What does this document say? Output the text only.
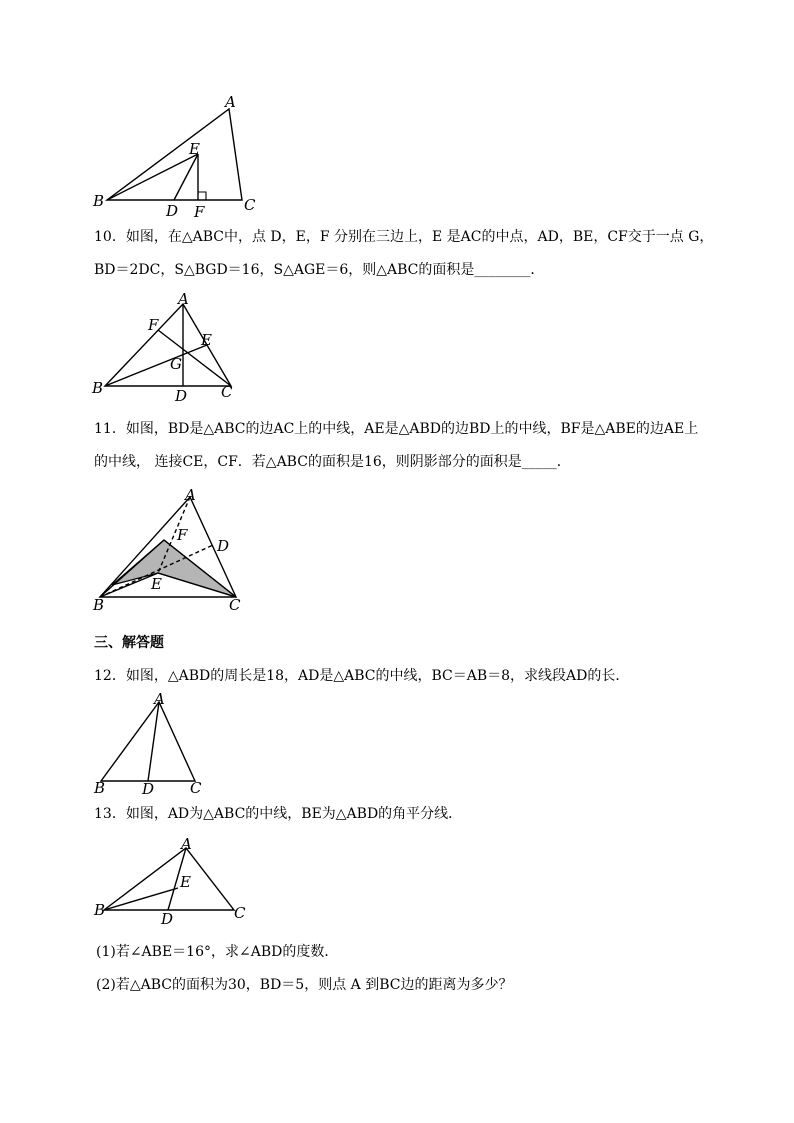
A
B	C
D
E
F
10．如图，在△ABC中，点 D，E，F 分别在三边上，E 是AC的中点，AD，BE，CF交于一点 G，
BD＝2DC，S△BGD＝16，S△AGE＝6，则△ABC的面积是________．
A
B	C
D
E
F
G
11．如图，BD是△ABC的边AC上的中线，AE是△ABD的边BD上的中线，BF是△ABE的边AE上
的中线， 连接CE，CF．若△ABC的面积是16，则阴影部分的面积是_____．
A
B	C
D
E
F
三、解答题
12．如图，△ABD的周长是18，AD是△ABC的中线，BC＝AB＝8，求线段AD的长．
A
B	C
D
13．如图，AD为△ABC的中线，BE为△ABD的角平分线．
A
B	C
D
E
(1)若∠ABE＝16°，求∠ABD的度数．
(2)若△ABC的面积为30，BD＝5，则点 A 到BC边的距离为多少？
